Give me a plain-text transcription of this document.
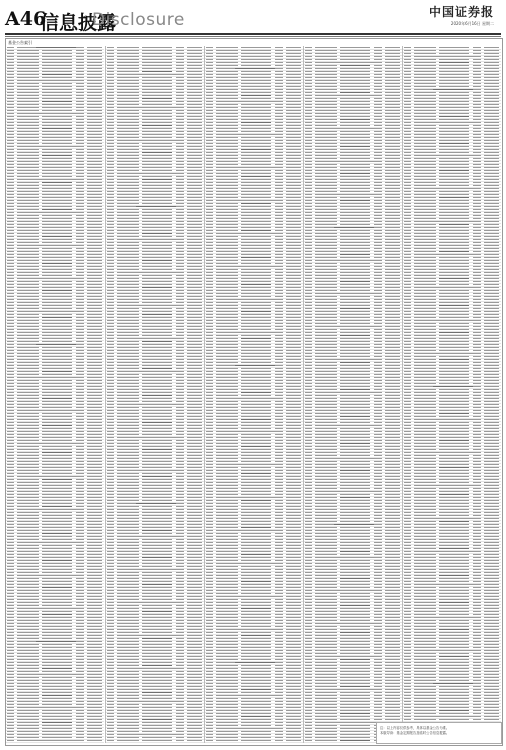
A46
信息披露
Disclosure	中国证券报
2020年6月16日 星期二
基金公告索引
注：以上内容仅供参考，具体以基金公告为准。
本版导读：基金定期报告及临时公告信息披露。
